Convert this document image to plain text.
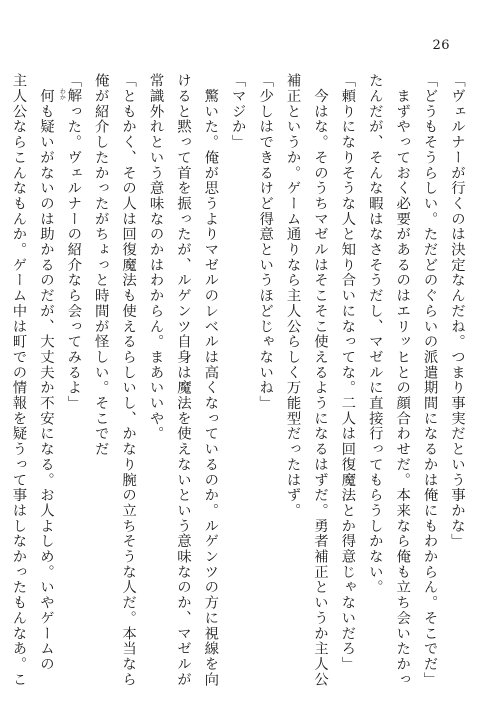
26
「ヴェルナーが行くのは決定なんだね。つまり事実だという事かな」
「どうもそうらしい。ただどのぐらいの派遣期間になるかは俺にもわからん。そこでだ」
　まずやっておく必要があるのはエリッヒとの顔合わせだ。本来なら俺も立ち会いたかっ
たんだが、そんな暇はなさそうだし、マゼルに直接行ってもらうしかない。
「頼りになりそうな人と知り合いになってな。二人は回復魔法とか得意じゃないだろ」
　今はな。そのうちマゼルはそこそこ使えるようになるはずだ。勇者補正というか主人公
補正というか。ゲーム通りなら主人公らしく万能型だったはず。
「少しはできるけど得意というほどじゃないね」
「マジか」
　驚いた。俺が思うよりマゼルのレベルは高くなっているのか。ルゲンツの方に視線を向
けると黙って首を振ったが、ルゲンツ自身は魔法を使えないという意味なのか、マゼルが
常識外れという意味なのかはわからん。まあいいや。
「ともかく、その人は回復魔法も使えるらしいし、かなり腕の立ちそうな人だ。本当なら
俺が紹介したかったがちょっと時間が怪しい。そこでだ
「解
わか
った。ヴェルナーの紹介なら会ってみるよ」
　何も疑いがないのは助かるのだが、大丈夫か不安になる。お人よしめ。いやゲームの
主人公ならこんなもんか。ゲーム中は町での情報を疑うって事はしなかったもんなあ。こ
